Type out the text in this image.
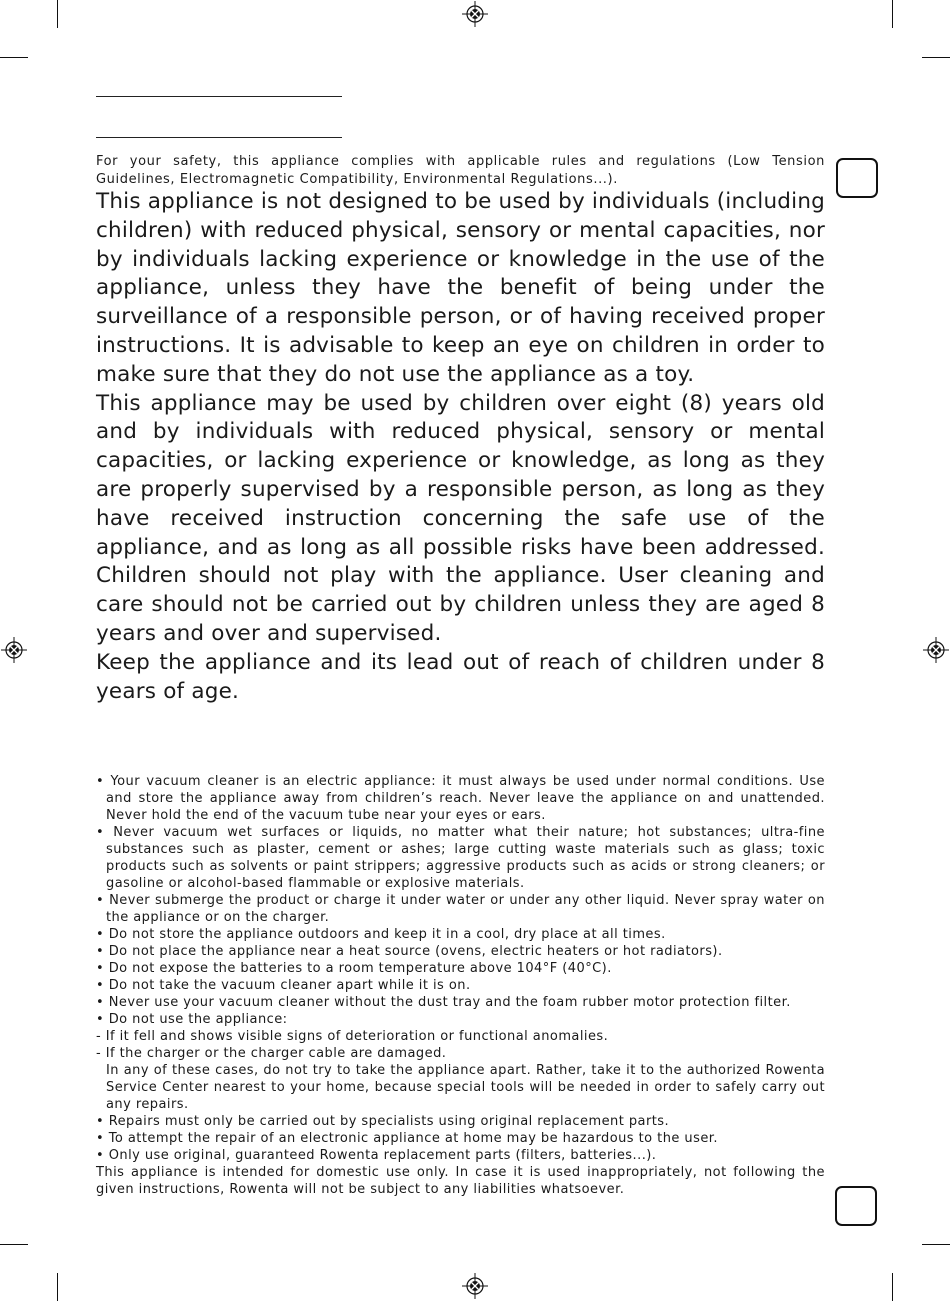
For your safety, this appliance complies with applicable rules and regulations (Low Tension Guidelines, Electromagnetic Compatibility, Environmental Regulations...).

This appliance is not designed to be used by individuals (including children) with reduced physical, sensory or mental capacities, nor by individuals lacking experience or knowledge in the use of the appliance, unless they have the benefit of being under the surveillance of a responsible person, or of having received proper instructions. It is advisable to keep an eye on children in order to make sure that they do not use the appliance as a toy.

This appliance may be used by children over eight (8) years old and by individuals with reduced physical, sensory or mental capacities, or lacking experience or knowledge, as long as they are properly supervised by a responsible person, as long as they have received instruction concerning the safe use of the appliance, and as long as all possible risks have been addressed. Children should not play with the appliance. User cleaning and care should not be carried out by children unless they are aged 8 years and over and supervised.

Keep the appliance and its lead out of reach of children under 8 years of age.

• Your vacuum cleaner is an electric appliance: it must always be used under normal conditions. Use and store the appliance away from children’s reach. Never leave the appliance on and unattended. Never hold the end of the vacuum tube near your eyes or ears.

• Never vacuum wet surfaces or liquids, no matter what their nature; hot substances; ultra-fine substances such as plaster, cement or ashes; large cutting waste materials such as glass; toxic products such as solvents or paint strippers; aggressive products such as acids or strong cleaners; or gasoline or alcohol-based flammable or explosive materials.

• Never submerge the product or charge it under water or under any other liquid. Never spray water on the appliance or on the charger.

• Do not store the appliance outdoors and keep it in a cool, dry place at all times.

• Do not place the appliance near a heat source (ovens, electric heaters or hot radiators).

• Do not expose the batteries to a room temperature above 104°F (40°C).

• Do not take the vacuum cleaner apart while it is on.

• Never use your vacuum cleaner without the dust tray and the foam rubber motor protection filter.

• Do not use the appliance:

- If it fell and shows visible signs of deterioration or functional anomalies.

- If the charger or the charger cable are damaged.

In any of these cases, do not try to take the appliance apart. Rather, take it to the authorized Rowenta Service Center nearest to your home, because special tools will be needed in order to safely carry out any repairs.

• Repairs must only be carried out by specialists using original replacement parts.

• To attempt the repair of an electronic appliance at home may be hazardous to the user.

• Only use original, guaranteed Rowenta replacement parts (filters, batteries...).

This appliance is intended for domestic use only. In case it is used inappropriately, not following the given instructions, Rowenta will not be subject to any liabilities whatsoever.
